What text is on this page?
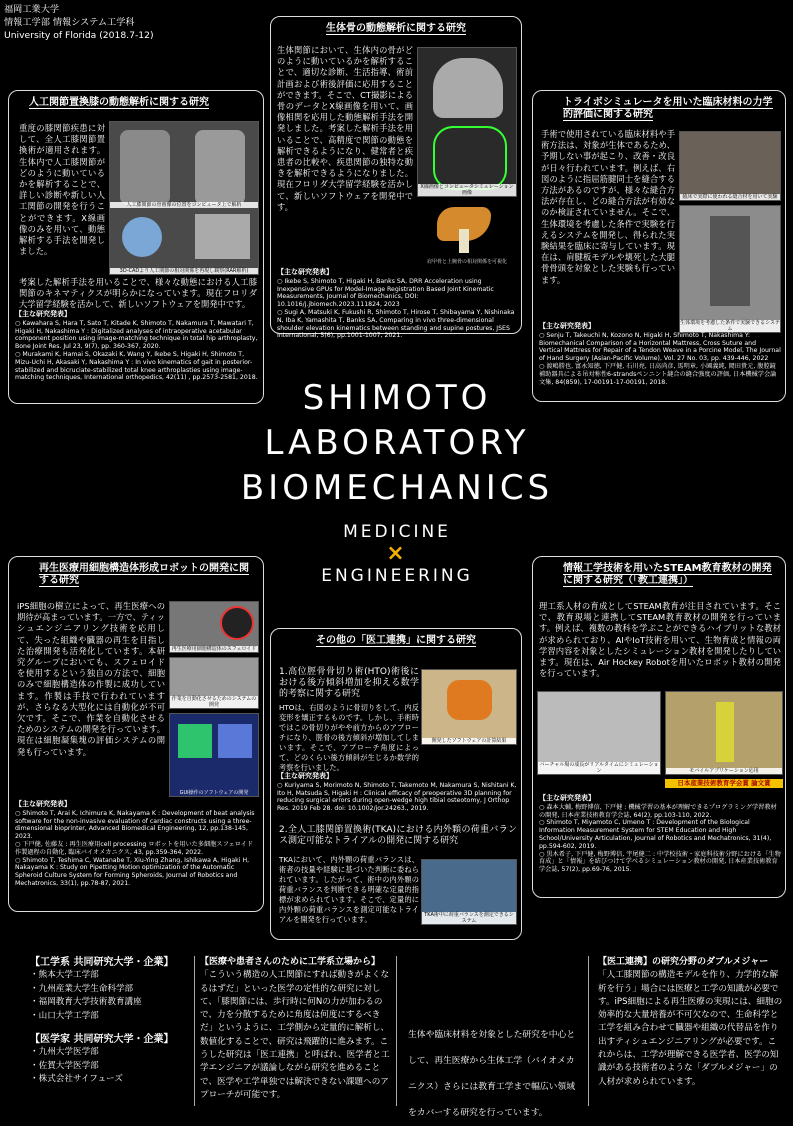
福岡工業大学
情報工学部 情報システム工学科
University of Florida (2018.7-12)
SHIMOTO
LABORATORY
BIOMECHANICS
MEDICINE
×
ENGINEERING
人工関節置換膝の動態解析に関する研究
人工膝関節の骨画像の位置をコンピュータ上で解析
3D-CADより人工関節の相対関係を再現し観察(RAR解析)
重度の膝関節疾患に対して、全人工膝関節置換術が適用されます。生体内で人工膝関節がどのように動いているかを解析することで、詳しい診断や新しい人工関節の開発を行うことができます。X線画像のみを用いて、動態解析する手法を開発しました。
考案した解析手法を用いることで、様々な動態における人工膝関節のキネマティクスが明らかになっています。現在フロリダ大学留学経験を活かして、新しいソフトウェアを開発中です。
【主な研究発表】
○ Kawahara S, Hara T, Sato T, Kitade K, Shimoto T, Nakamura T, Mawatari T, Higaki H, Nakashima Y : Digitalized analyses of intraoperative acetabular component position using image-matching technique in total hip arthroplasty, Bone Joint Res. Jul 23, 9(7), pp. 360-367, 2020.
○ Murakami K, Hamai S, Okazaki K, Wang Y, Ikebe S, Higaki H, Shimoto T, Mizu-Uchi H, Akasaki Y, Nakashima Y : In vivo kinematics of gait in posterior-stabilized and bicruciate-stabilized total knee arthroplasties using image-matching techniques, International orthopedics, 42(11) , pp.2573-2581, 2018.
生体骨の動態解析に関する研究
生体関節において、生体内の骨がどのように動いているかを解析することで、適切な診断、生活指導、術前計画および術後評価に応用することができます。そこで、CT撮影による骨のデータとX線画像を用いて、画像相関を応用した動態解析手法を開発しました。考案した解析手法を用いることで、高精度で関節の動態を解析できるようになり、健常者と疾患者の比較や、疾患関節の独特な動きを解析できるようになりました。現在フロリダ大学留学経験を活かして、新しいソフトウェアを開発中です。
X線画像とコンピュータシミュレーション画像
肩甲骨と上腕骨の相対関係を可視化
【主な研究発表】
○ Ikebe S, Shimoto T, Higaki H, Banks SA, DRR Acceleration using Inexpensive GPUs for Model-Image Registration Based Joint Kinematic Measurements, Journal of Biomechanics, DOI: 10.1016/j.jbiomech.2023.111824, 2023
○ Sugi A, Matsuki K, Fukushi R, Shimoto T, Hirose T, Shibayama Y, Nishinaka N, Iba K, Yamashita T, Banks SA, Comparing in vivo three-dimensional shoulder elevation kinematics between standing and supine postures, JSES International, 5(6), pp.1001-1007, 2021.
トライボシミュレータを用いた臨床材料の力学的評価に関する研究
手術で使用されている臨床材料や手術方法は、対象が生体であるため、予期しない事が起こり、改善・改良が日々行われています。例えば、右図のように指屈筋腱同士を縫合する方法があるのですが、様々な縫合方法が存在し、どの縫合方法が有効なのか検証されていません。そこで、生体環境を考慮した条件で実験を行えるシステムを開発し、得られた実験結果を臨床に寄与しています。現在は、肩腱板モデルや壊死した大腿骨骨頭を対象とした実験も行っています。
臨床で実際に使われる縫合材を用いて実験
生体環境を考慮した条件で実験できるシステム
【主な研究発表】
○ Senju T, Takeuchi N, Kozono N, Higaki H, Shimoto T, Nakashima Y: Biomechanical Comparison of a Horizontal Mattress, Cross Suture and Vertical Mattress for Repair of a Tendon Weave in a Porcine Model, The Journal of Hand Surgery (Asian-Pacific Volume), Vol. 27 No. 03, pp. 439-446, 2022
○ 渡嶋勝也, 富永知徳, 下戸健, 石川亮, 日高尚彦, 馬明章, 小園義純, 岡田貴元, 腹腔鏡補助器具による吊対称性6-strandsペンニント縫合の縫合強度の評価, 日本機械学会論文集, 84(859), 17-00191-17-00191, 2018.
再生医療用細胞構造体形成ロボットの開発に関する研究
iPS細胞の樹立によって、再生医療への期待が高まっています。一方で、ティッシュエンジニアリング技術を応用して、失った組織や臓器の再生を目指した治療開発も活発化しています。本研究グループにおいても、スフェロイドを使用するという独自の方法で、細胞のみで細胞構造体の作製に成功しています。作製は手技で行われていますが、さらなる大型化には自動化が不可欠です。そこで、作業を自動化させるためのシステムの開発を行っています。現在は細胞凝集塊の評価システムの開発も行っています。
再生医療用細胞構造体のスフェロイド
作業を自動化させるためのシステムの開発
GUI操作のソフトウェアの開発
【主な研究発表】
○ Shimoto T, Arai K, Ichimura K, Nakayama K : Development of beat analysis software for the non-invasive evaluation of cardiac constructs using a three-dimensional bioprinter, Advanced Biomedical Engineering, 12, pp.138-145, 2023.
○ 下戸健, 佐藤友 : 再生医療用cell processing ロボットを用いた多細胞スフェロイド作製過程の自動化, 臨床バイオメカニクス, 43, pp.359-364, 2022.
○ Shimoto T, Teshima C, Watanabe T, Xiu-Ying Zhang, Ishikawa A, Higaki H, Nakayama K : Study on Pipetting Motion optimization of the Automatic Spheroid Culture System for Forming Spheroids, Journal of Robotics and Mechatronics, 33(1), pp.78-87, 2021.
その他の「医工連携」に関する研究
1.高位脛骨骨切り術(HTO)術後における後方傾斜増加を抑える数学的考察に関する研究
HTOは、右図のように骨切りをして、内反変形を矯正するものです。しかし、手術時ではこの骨切りがやや前方からのアプローチになり、脛骨の後方傾斜が増加してしまいます。そこで、アプローチ角度によって、どのくらい後方傾斜が生じるか数学的考察を行いました。
開発したソフトウェアの計算結果
【主な研究発表】
○ Kuriyama S, Morimoto N, Shimoto T, Takemoto M, Nakamura S, Nishitani K, Ito H, Matsuda S, Higaki H : Clinical efficacy of preoperative 3D planning for reducing surgical errors during open-wedge high tibial osteotomy, J Orthop Res. 2019 Feb 28. doi: 10.1002/jor.24263., 2019.
2.全人工膝関節置換術(TKA)における内外顆の荷重バランス測定可能なトライアルの開発に関する研究
TKAにおいて、内外顆の荷重バランスは、術者の技量や経験に基づいた判断に委ねられています。したがって、術中の内外顆の荷重バランスを判断できる明確な定量的指標が求められています。そこで、定量的に内外顆の荷重バランスを測定可能なトライアルを開発を行っています。	TKA術中に荷重バランスを測定できるシステム
情報工学技術を用いたSTEAM教育教材の開発に関する研究（「教工連携」）
理工系人材の育成としてSTEAM教育が注目されています。そこで、教育現場と連携してSTEAM教育教材の開発を行っています。例えば、複数の教科を学ぶことができるハイブリットな教材が求められており、AIやIoT技術を用いて、生物育成と情報の両学習内容を対象としたシミュレーション教材を開発したりしています。現在は、Air Hockey Robotを用いたロボット教材の開発を行っています。
バーチャル場の成長がリアルタイムにシミュレーション	モバイルアプリケーション応用
日本産業技術教育学会賞 論文賞
【主な研究発表】
○ 森本大輔, 梅野博信, 下戸健 : 機械学習の基本が理解できるプログラミング学習教材の開発, 日本産業技術教育学会誌, 64(2), pp.103-110, 2022.
○ Shimoto T, Miyamoto C, Umeno T : Development of the Biological Information Measurement System for STEM Education and High School/University Articulation, Journal of Robotics and Mechatronics, 31(4), pp.594-602, 2019.
○ 黒木希子, 下戸健, 梅野博信, 宇尾健二 : 中学校技術・家庭科技術分野における「生物育成」と「情報」を結びつけて学べるシミュレーション教材の開発, 日本産業技術教育学会誌, 57(2), pp.69-76, 2015.
【工学系 共同研究大学・企業】
・熊本大学工学部
・九州産業大学生命科学部
・福岡教育大学技術教育講座
・山口大学工学部
【医学家 共同研究大学・企業】
・九州大学医学部
・佐賀大学医学部
・株式会社サイフューズ
【医療や患者さんのために工学系立場から】
「こういう構造の人工関節にすれば動きがよくなるはずだ」といった医学の定性的な研究に対して、「膝関節には、歩行時に何Nの力が加わるので、力を分散するために角度は何度にするべきだ」というように、工学側から定量的に解析し、数値化することで、研究は飛躍的に進みます。こうした研究は「医工連携」と呼ばれ、医学者と工学エンジニアが議論しながら研究を進めることで、医学や工学単独では解決できない課題へのアプローチが可能です。
生体や臨床材料を対象とした研究を中心として、再生医療から生体工学（バイオメカニクス）さらには教育工学まで幅広い領域をカバーする研究を行っています。
【医工連携】の研究分野のダブルメジャー
「人工膝関節の構造モデルを作り、力学的な解析を行う」場合には医療と工学の知識が必要です。iPS細胞による再生医療の実現には、細胞の効率的な大量培養が不可欠なので、生命科学と工学を組み合わせて臓器や組織の代替品を作り出すティシュエンジニアリングが必要です。これからは、工学が理解できる医学者、医学の知識がある技術者のような「ダブルメジャー」の人材が求められています。
